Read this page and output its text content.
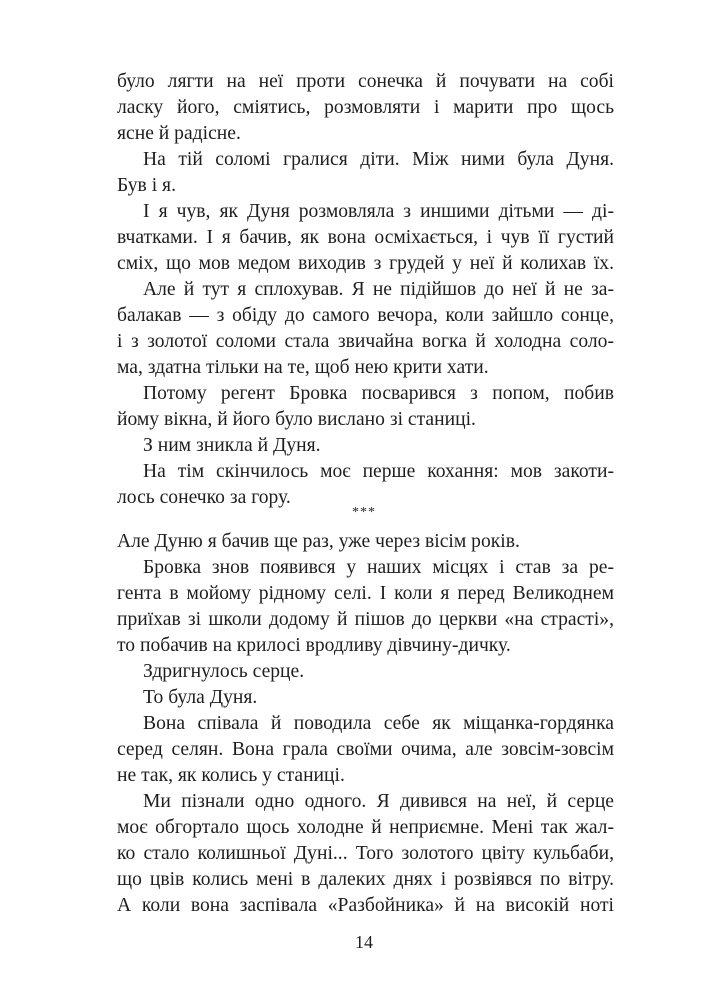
було лягти на неї проти сонечка й почувати на собі
ласку його, сміятись, розмовляти і марити про щось
ясне й радісне.
На тій соломі гралися діти. Між ними була Дуня.
Був і я.
І я чув, як Дуня розмовляла з иншими дітьми — ді-
вчатками. І я бачив, як вона осміхається, і чув її густий
сміх, що мов медом виходив з грудей у неї й колихав їх.
Але й тут я сплохував. Я не підійшов до неї й не за-
балакав — з обіду до самого вечора, коли зайшло сонце,
і з золотої соломи стала звичайна вогка й холодна соло-
ма, здатна тільки на те, щоб нею крити хати.
Потому регент Бровка посварився з попом, побив
йому вікна, й його було вислано зі станиці.
З ним зникла й Дуня.
На тім скінчилось моє перше кохання: мов закоти-
лось сонечко за гору.
***
Але Дуню я бачив ще раз, уже через вісім років.
Бровка знов появився у наших місцях і став за ре-
гента в мойому рідному селі. І коли я перед Великоднем
приїхав зі школи додому й пішов до церкви «на страсті»,
то побачив на крилосі вродливу дівчину-дичку.
Здригнулось серце.
То була Дуня.
Вона співала й поводила себе як міщанка-гордянка
серед селян. Вона грала своїми очима, але зовсім-зовсім
не так, як колись у станиці.
Ми пізнали одно одного. Я дивився на неї, й серце
моє обгортало щось холодне й неприємне. Мені так жал-
ко стало колишньої Дуні... Того золотого цвіту кульбаби,
що цвів колись мені в далеких днях і розвіявся по вітру.
А коли вона заспівала «Разбойника» й на високій ноті
14
